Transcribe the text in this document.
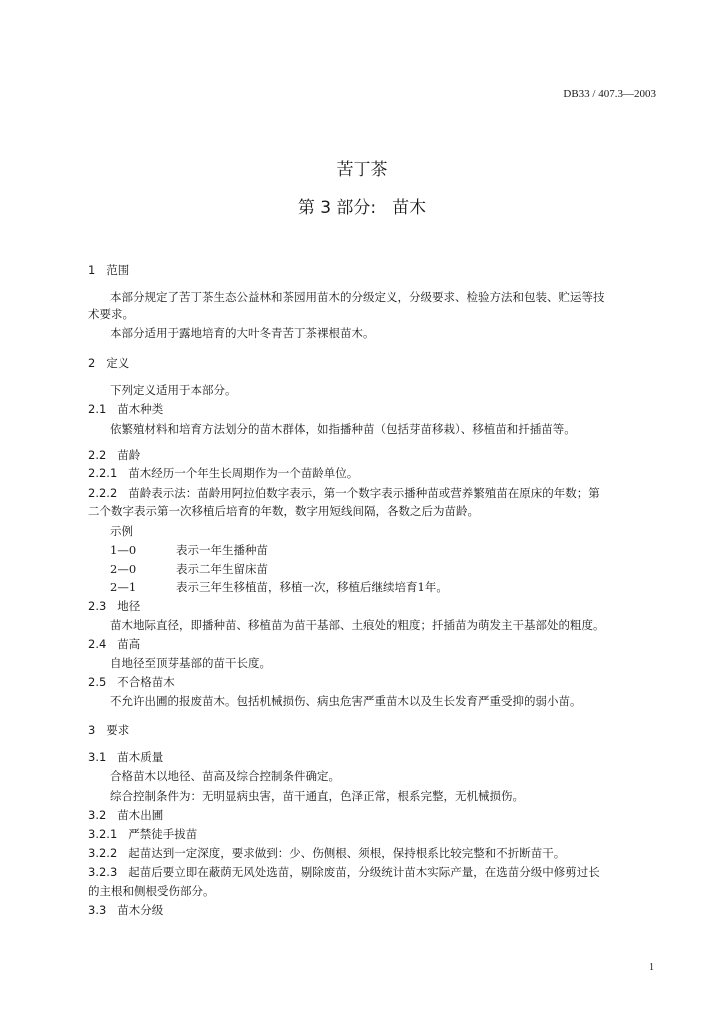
DB33 / 407.3—2003
苦丁茶
第 3 部分: 苗木
1 范围
本部分规定了苦丁茶生态公益林和茶园用苗木的分级定义，分级要求、检验方法和包装、贮运等技
术要求。
本部分适用于露地培育的大叶冬青苦丁茶裸根苗木。
2 定义
下列定义适用于本部分。
2.1 苗木种类
依繁殖材料和培育方法划分的苗木群体，如指播种苗（包括芽苗移栽）、移植苗和扦插苗等。
2.2 苗龄
2.2.1 苗木经历一个年生长周期作为一个苗龄单位。
2.2.2 苗龄表示法：苗龄用阿拉伯数字表示，第一个数字表示播种苗或营养繁殖苗在原床的年数；第
二个数字表示第一次移植后培育的年数，数字用短线间隔，各数之后为苗龄。
示例
1—0	表示一年生播种苗
2—0	表示二年生留床苗
2—1	表示三年生移植苗，移植一次，移植后继续培育1年。
2.3 地径
苗木地际直径，即播种苗、移植苗为苗干基部、土痕处的粗度；扦插苗为萌发主干基部处的粗度。
2.4 苗高
自地径至顶芽基部的苗干长度。
2.5 不合格苗木
不允许出圃的报废苗木。包括机械损伤、病虫危害严重苗木以及生长发育严重受抑的弱小苗。
3 要求
3.1 苗木质量
合格苗木以地径、苗高及综合控制条件确定。
综合控制条件为：无明显病虫害，苗干通直，色泽正常，根系完整，无机械损伤。
3.2 苗木出圃
3.2.1 严禁徒手拔苗
3.2.2 起苗达到一定深度，要求做到：少、伤侧根、须根，保持根系比较完整和不折断苗干。
3.2.3 起苗后要立即在蔽荫无风处选苗，剔除废苗，分级统计苗木实际产量，在选苗分级中修剪过长
的主根和侧根受伤部分。
3.3 苗木分级
1
